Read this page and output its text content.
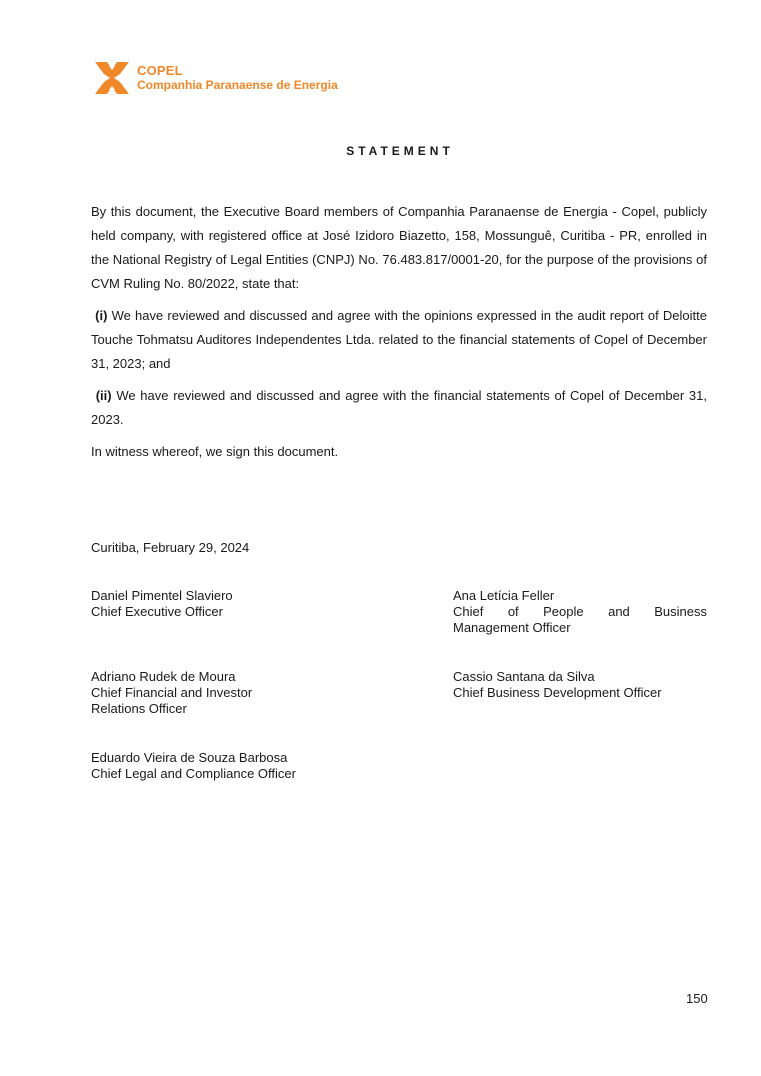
COPEL
Companhia Paranaense de Energia
STATEMENT

By this document, the Executive Board members of Companhia Paranaense de Energia - Copel, publicly held company, with registered office at José Izidoro Biazetto, 158, Mossunguê, Curitiba - PR, enrolled in the National Registry of Legal Entities (CNPJ) No. 76.483.817/0001-20, for the purpose of the provisions of CVM Ruling No. 80/2022, state that:

(i) We have reviewed and discussed and agree with the opinions expressed in the audit report of Deloitte Touche Tohmatsu Auditores Independentes Ltda. related to the financial statements of Copel of December 31, 2023; and

(ii) We have reviewed and discussed and agree with the financial statements of Copel of December 31, 2023.

In witness whereof, we sign this document.

Curitiba, February 29, 2024
Daniel Pimentel Slaviero
Chief Executive Officer
Ana Letícia Feller
Chief of People and Business
Management Officer
Adriano Rudek de Moura
Chief Financial and Investor
Relations Officer
Cassio Santana da Silva
Chief Business Development Officer
Eduardo Vieira de Souza Barbosa
Chief Legal and Compliance Officer
150
